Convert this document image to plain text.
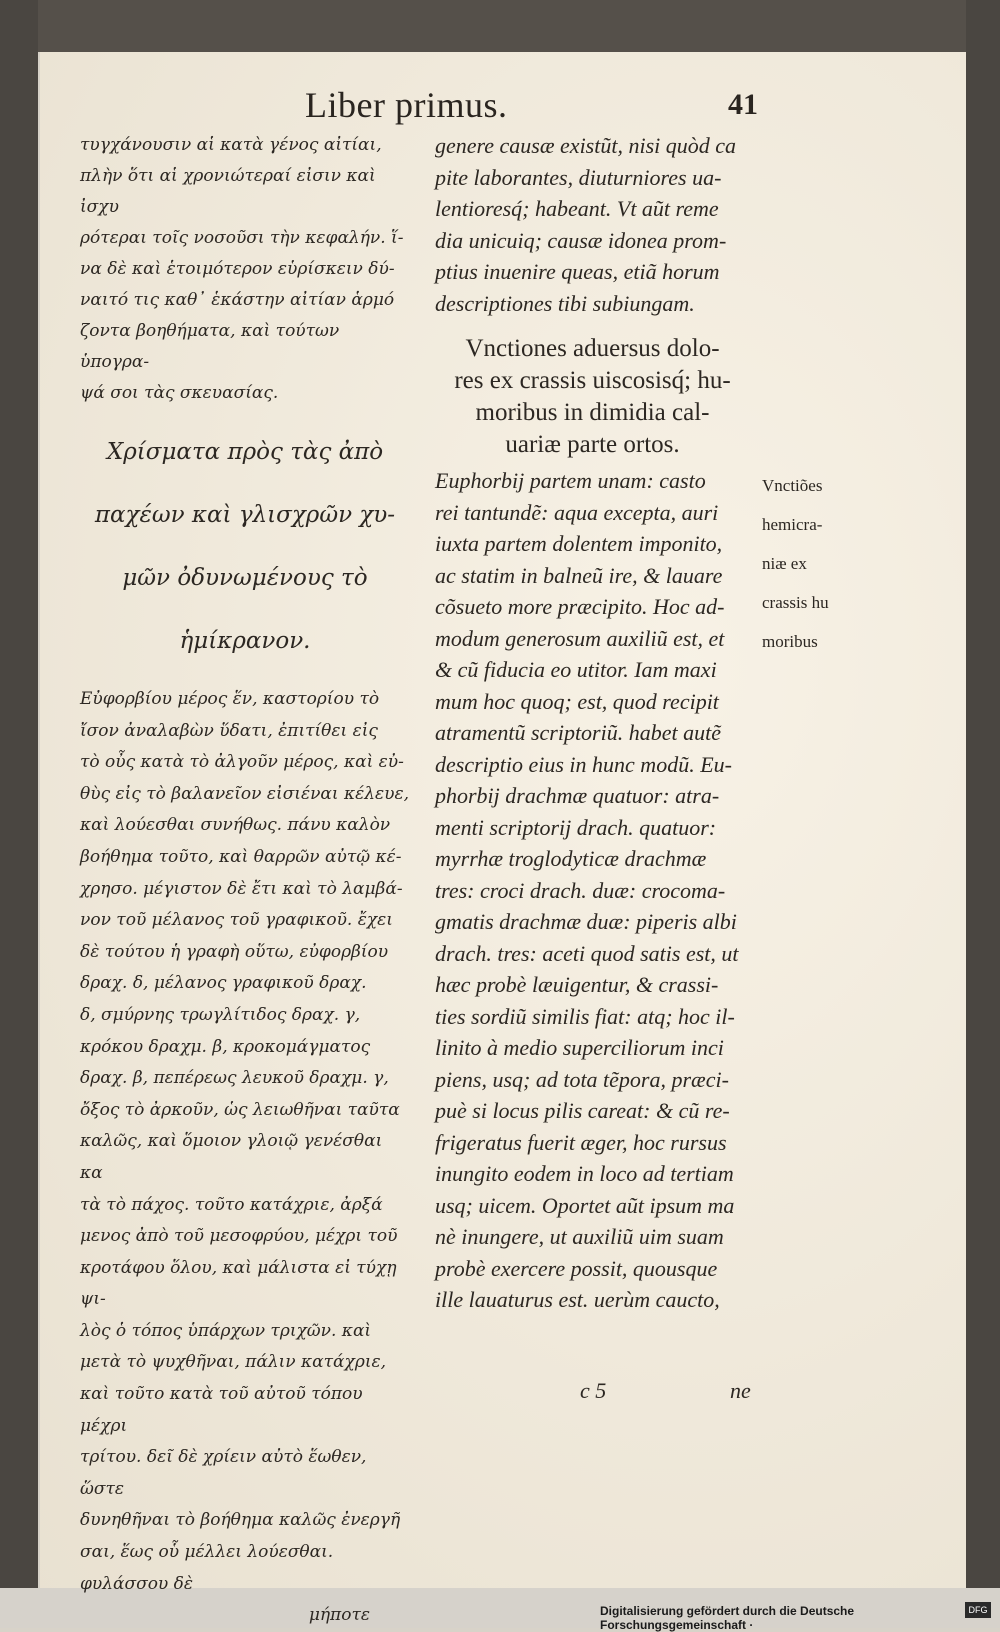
Liber primus.	41

τυγχάνουσιν αἱ κατὰ γένος αἰτίαι,

πλὴν ὅτι αἱ χρονιώτεραί εἰσιν καὶ ἰσχυ

ρότεραι τοῖς νοσοῦσι τὴν κεφαλήν. ἵ-

να δὲ καὶ ἑτοιμότερον εὑρίσκειν δύ-

ναιτό τις καθ᾽ ἑκάστην αἰτίαν ἁρμό

ζοντα βοηθήματα, καὶ τούτων ὑπογρα-

ψά σοι τὰς σκευασίας.

Χρίσματα πρὸς τὰς ἀπὸ

παχέων καὶ γλισχρῶν χυ-

μῶν ὀδυνωμένους τὸ

ἡμίκρανον.

Εὐφορβίου μέρος ἕν, καστορίου τὸ

ἴσον ἀναλαβὼν ὕδατι, ἐπιτίθει εἰς

τὸ οὖς κατὰ τὸ ἀλγοῦν μέρος, καὶ εὐ-

θὺς εἰς τὸ βαλανεῖον εἰσιέναι κέλευε,

καὶ λούεσθαι συνήθως. πάνυ καλὸν

βοήθημα τοῦτο, καὶ θαρρῶν αὐτῷ κέ-

χρησο. μέγιστον δὲ ἔτι καὶ τὸ λαμβά-

νον τοῦ μέλανος τοῦ γραφικοῦ. ἔχει

δὲ τούτου ἡ γραφὴ οὕτω, εὐφορβίου

δραχ. δ, μέλανος γραφικοῦ δραχ.

δ, σμύρνης τρωγλίτιδος δραχ. γ,

κρόκου δραχμ. β, κροκομάγματος

δραχ. β, πεπέρεως λευκοῦ δραχμ. γ,

ὄξος τὸ ἀρκοῦν, ὡς λειωθῆναι ταῦτα

καλῶς, καὶ ὅμοιον γλοιῷ γενέσθαι κα

τὰ τὸ πάχος. τοῦτο κατάχριε, ἀρξά

μενος ἀπὸ τοῦ μεσοφρύου, μέχρι τοῦ

κροτάφου ὅλου, καὶ μάλιστα εἰ τύχῃ ψι-

λὸς ὁ τόπος ὑπάρχων τριχῶν. καὶ

μετὰ τὸ ψυχθῆναι, πάλιν κατάχριε,

καὶ τοῦτο κατὰ τοῦ αὐτοῦ τόπου μέχρι

τρίτου. δεῖ δὲ χρίειν αὐτὸ ἕωθεν, ὥστε

δυνηθῆναι τὸ βοήθημα καλῶς ἐνεργῆ

σαι, ἕως οὗ μέλλει λούεσθαι. φυλάσσου δὲ

μήποτε

genere causæ existũt, nisi quòd ca

pite laborantes, diuturniores ua-

lentioresq́; habeant. Vt aũt reme

dia unicuiq; causæ idonea prom-

ptius inuenire queas, etiã horum

descriptiones tibi subiungam.

Vnctiones aduersus dolo-

res ex crassis uiscosisq́; hu-

moribus in dimidia cal-

uariæ parte ortos.

Euphorbij partem unam: casto

rei tantundẽ: aqua excepta, auri

iuxta partem dolentem imponito,

ac statim in balneũ ire, & lauare

cõsueto more præcipito. Hoc ad-

modum generosum auxiliũ est, et

& cũ fiducia eo utitor. Iam maxi

mum hoc quoq; est, quod recipit

atramentũ scriptoriũ. habet autẽ

descriptio eius in hunc modũ. Eu-

phorbij drachmæ quatuor: atra-

menti scriptorij drach. quatuor:

myrrhæ troglodyticæ drachmæ

tres: croci drach. duæ: crocoma-

gmatis drachmæ duæ: piperis albi

drach. tres: aceti quod satis est, ut

hæc probè læuigentur, & crassi-

ties sordiũ similis fiat: atq; hoc il-

linito à medio superciliorum inci

piens, usq; ad tota tẽpora, præci-

puè si locus pilis careat: & cũ re-

frigeratus fuerit æger, hoc rursus

inungito eodem in loco ad tertiam

usq; uicem. Oportet aũt ipsum ma

nè inungere, ut auxiliũ uim suam

probè exercere possit, quousque

ille lauaturus est. uerùm caucto,

Vnctiões

hemicra-

niæ ex

crassis hu

moribus

c 5	ne
Digitalisierung gefördert durch die Deutsche Forschungsgemeinschaft ·
DFG
